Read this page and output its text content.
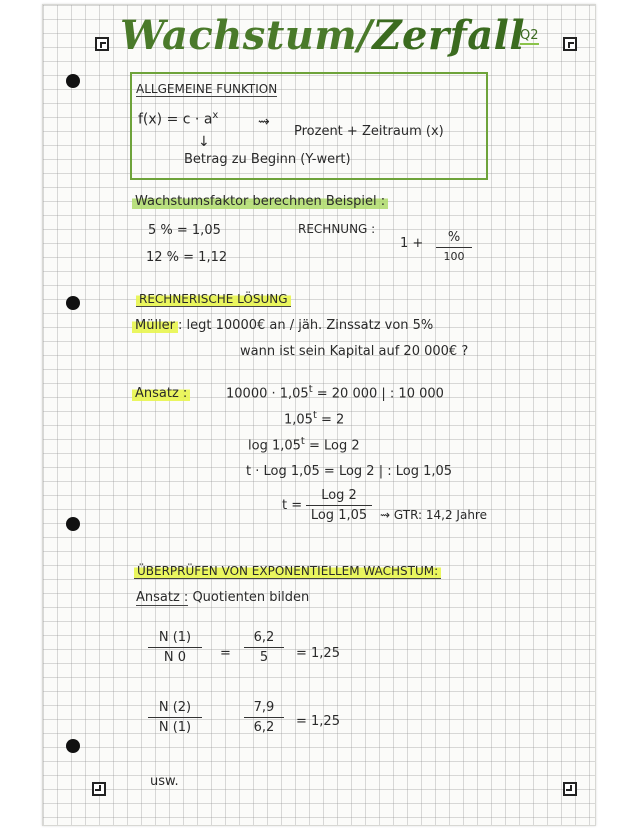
Wachstum/Zerfall
Q2
ALLGEMEINE FUNKTION
$f(x) = c \cdot a^x$	⇝
Prozent + Zeitraum (x)
↓
Betrag zu Beginn (Y-wert)
Wachstumsfaktor berechnen Beispiel :
5 % = 1,05
12 % = 1,12
RECHNUNG :
1 +	%
100
RECHNERISCHE LÖSUNG
Müller : legt 10000€ an / jäh. Zinssatz von 5%
wann ist sein Kapital auf 20 000€ ?
Ansatz :	$10000 \cdot 1,05^t = 20$ 000 | : 10 000
$1,05^t = 2$
$\log 1,05^t$ = Log 2
t · Log 1,05 = Log 2 | : Log 1,05
t =
Log 2
Log 1,05	⇝ GTR: 14,2 Jahre
ÜBERPRÜFEN VON EXPONENTIELLEM WACHSTUM:
Ansatz : Quotienten bilden
N (1)
N 0	=
6,2
5	= 1,25
N (2)
N (1)
7,9
6,2	= 1,25
usw.
